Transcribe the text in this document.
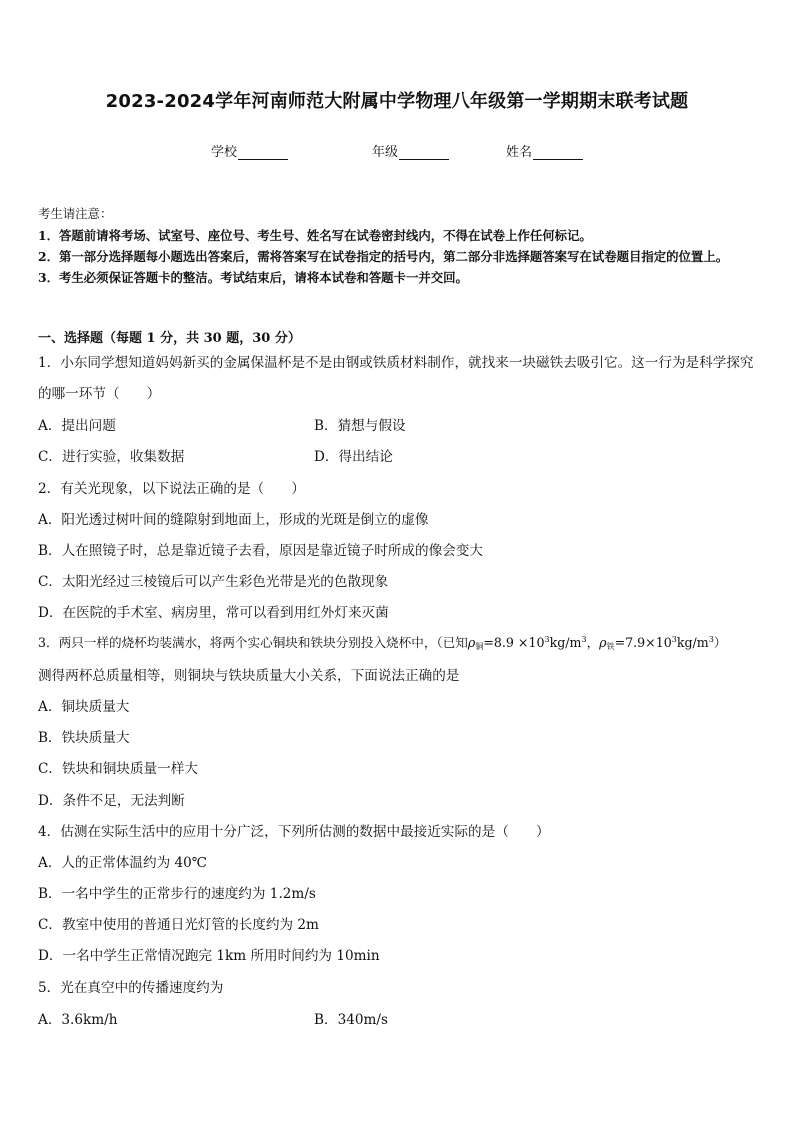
2023-2024学年河南师范大附属中学物理八年级第一学期期末联考试题
学校	年级	姓名
考生请注意：
1．答题前请将考场、试室号、座位号、考生号、姓名写在试卷密封线内，不得在试卷上作任何标记。
2．第一部分选择题每小题选出答案后，需将答案写在试卷指定的括号内，第二部分非选择题答案写在试卷题目指定的位置上。
3．考生必须保证答题卡的整洁。考试结束后，请将本试卷和答题卡一并交回。
一、选择题（每题 1 分，共 30 题，30 分）
1．小东同学想知道妈妈新买的金属保温杯是不是由钢或铁质材料制作，就找来一块磁铁去吸引它。这一行为是科学探究的哪一环节（　　）
A．提出问题	B．猜想与假设
C．进行实验，收集数据	D．得出结论
2．有关光现象，以下说法正确的是（　　）
A．阳光透过树叶间的缝隙射到地面上，形成的光斑是倒立的虚像
B．人在照镜子时，总是靠近镜子去看，原因是靠近镜子时所成的像会变大
C．太阳光经过三棱镜后可以产生彩色光带是光的色散现象
D．在医院的手术室、病房里，常可以看到用红外灯来灭菌
3．两只一样的烧杯均装满水，将两个实心铜块和铁块分别投入烧杯中，（已知$\rho_铜=8.9 \times 10^3kg/m^3$，$\rho_铁=7.9\times 10^3kg/m^3$）
测得两杯总质量相等，则铜块与铁块质量大小关系，下面说法正确的是
A．铜块质量大
B．铁块质量大
C．铁块和铜块质量一样大
D．条件不足，无法判断
4．估测在实际生活中的应用十分广泛，下列所估测的数据中最接近实际的是（　　）
A．人的正常体温约为 40℃
B．一名中学生的正常步行的速度约为 1.2m/s
C．教室中使用的普通日光灯管的长度约为 2m
D．一名中学生正常情况跑完 1km 所用时间约为 10min
5．光在真空中的传播速度约为
A．3.6km/h	B．340m/s
